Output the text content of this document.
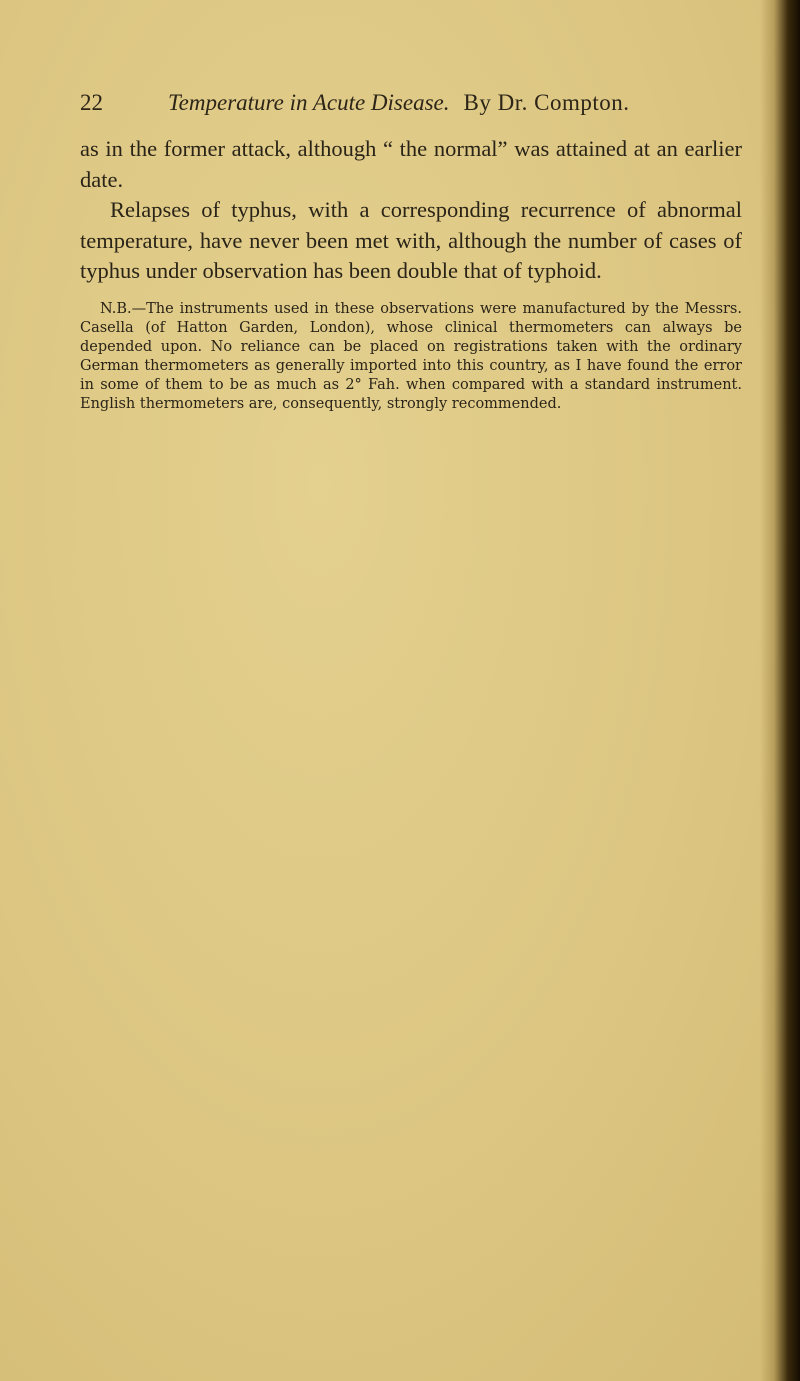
22	Temperature in Acute Disease. By Dr. Compton.

as in the former attack, although “ the normal” was attained at an earlier date.

Relapses of typhus, with a corresponding recurrence of abnormal temperature, have never been met with, although the number of cases of typhus under observation has been double that of typhoid.

N.B.—The instruments used in these observations were manufactured by the Messrs. Casella (of Hatton Garden, London), whose clinical thermometers can always be depended upon. No reliance can be placed on registrations taken with the ordinary German thermometers as generally imported into this country, as I have found the error in some of them to be as much as 2° Fah. when compared with a standard instrument. English thermometers are, consequently, strongly recommended.
